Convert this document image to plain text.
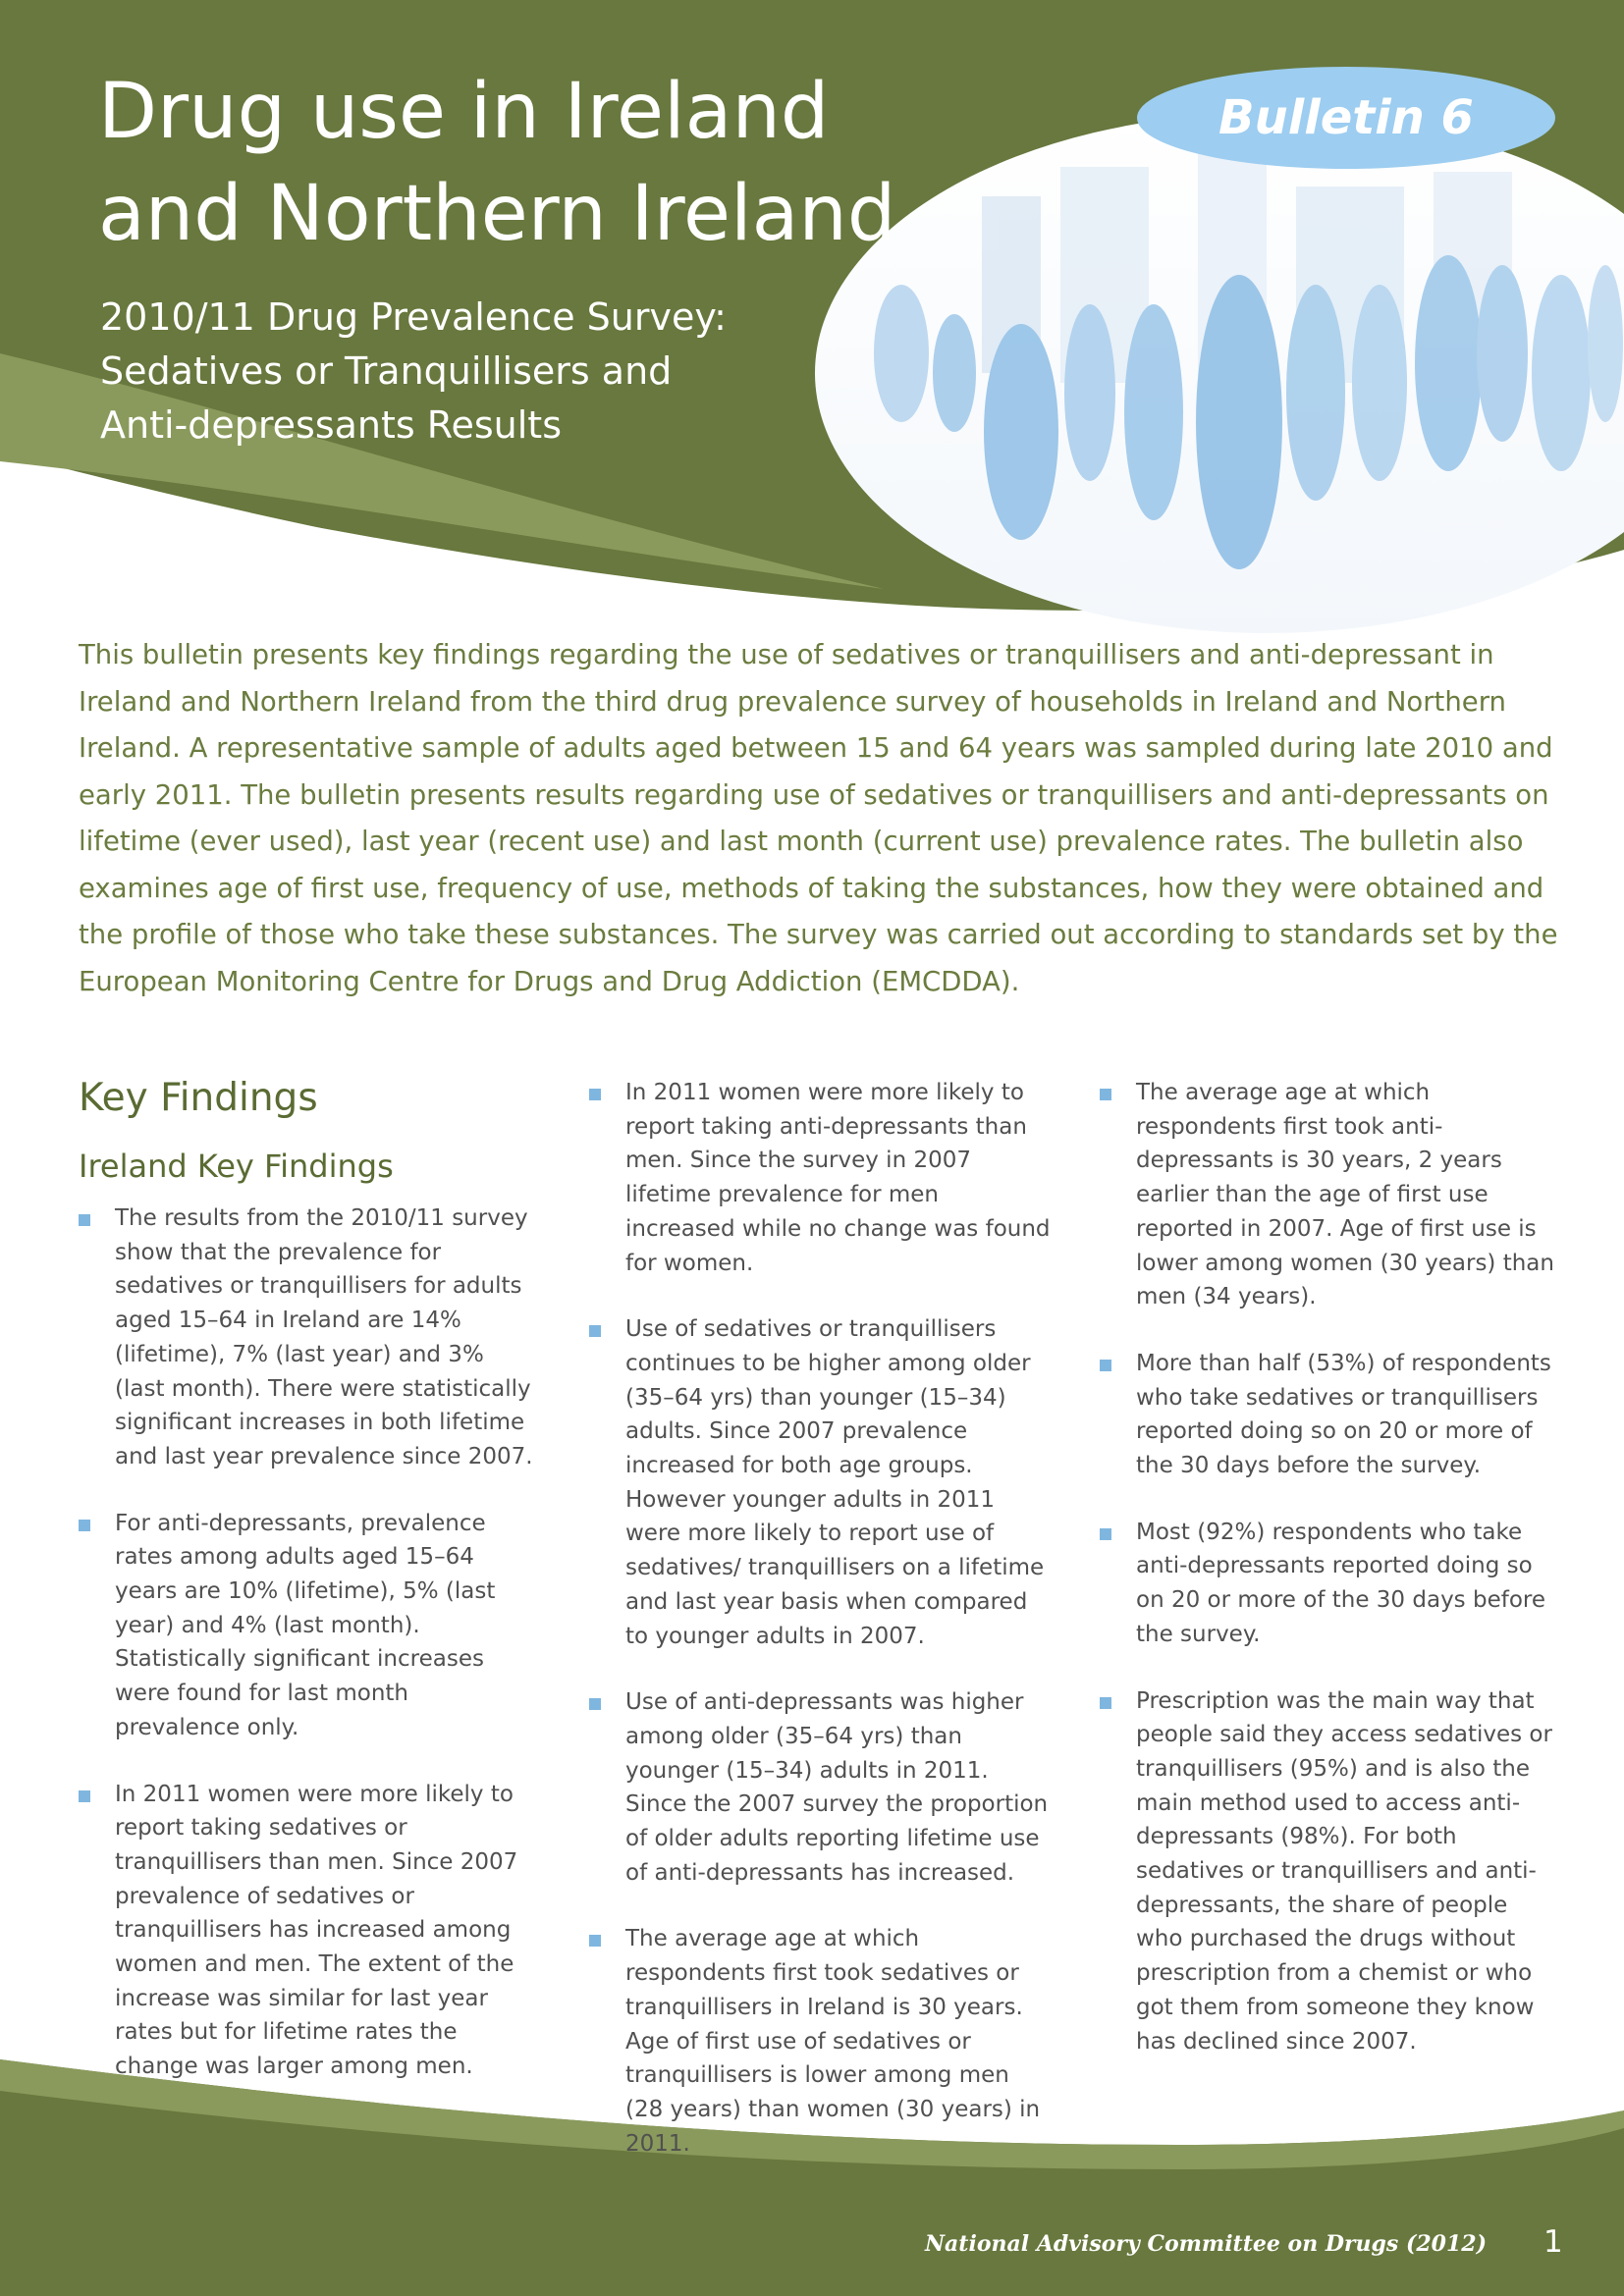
Drug use in Ireland
and Northern Ireland
2010/11 Drug Prevalence Survey:
Sedatives or Tranquillisers and
Anti-depressants Results
Bulletin 6

This bulletin presents key findings regarding the use of sedatives or tranquillisers and anti-depressant in Ireland and Northern Ireland from the third drug prevalence survey of households in Ireland and Northern Ireland. A representative sample of adults aged between 15 and 64 years was sampled during late 2010 and early 2011. The bulletin presents results regarding use of sedatives or tranquillisers and anti-depressants on lifetime (ever used), last year (recent use) and last month (current use) prevalence rates. The bulletin also examines age of first use, frequency of use, methods of taking the substances, how they were obtained and the profile of those who take these substances. The survey was carried out according to standards set by the European Monitoring Centre for Drugs and Drug Addiction (EMCDDA).

Key Findings
Ireland Key Findings
The results from the 2010/11 survey show that the prevalence for sedatives or tranquillisers for adults aged 15–64 in Ireland are 14% (lifetime), 7% (last year) and 3% (last month). There were statistically significant increases in both lifetime and last year prevalence since 2007.
For anti-depressants, prevalence rates among adults aged 15–64 years are 10% (lifetime), 5% (last year) and 4% (last month). Statistically significant increases were found for last month prevalence only.
In 2011 women were more likely to report taking sedatives or tranquillisers than men. Since 2007 prevalence of sedatives or tranquillisers has increased among women and men. The extent of the increase was similar for last year rates but for lifetime rates the change was larger among men.
In 2011 women were more likely to report taking anti-depressants than men. Since the survey in 2007 lifetime prevalence for men increased while no change was found for women.
Use of sedatives or tranquillisers continues to be higher among older (35–64 yrs) than younger (15–34) adults. Since 2007 prevalence increased for both age groups. However younger adults in 2011 were more likely to report use of sedatives/ tranquillisers on a lifetime and last year basis when compared to younger adults in 2007.
Use of anti-depressants was higher among older (35–64 yrs) than younger (15–34) adults in 2011. Since the 2007 survey the proportion of older adults reporting lifetime use of anti-depressants has increased.
The average age at which respondents first took sedatives or tranquillisers in Ireland is 30 years. Age of first use of sedatives or tranquillisers is lower among men (28 years) than women (30 years) in 2011.
The average age at which respondents first took anti-depressants is 30 years, 2 years earlier than the age of first use reported in 2007. Age of first use is lower among women (30 years) than men (34 years).
More than half (53%) of respondents who take sedatives or tranquillisers reported doing so on 20 or more of the 30 days before the survey.
Most (92%) respondents who take anti-depressants reported doing so on 20 or more of the 30 days before the survey.
Prescription was the main way that people said they access sedatives or tranquillisers (95%) and is also the main method used to access anti-depressants (98%). For both sedatives or tranquillisers and anti-depressants, the share of people who purchased the drugs without prescription from a chemist or who got them from someone they know has declined since 2007.
National Advisory Committee on Drugs (2012) 1
